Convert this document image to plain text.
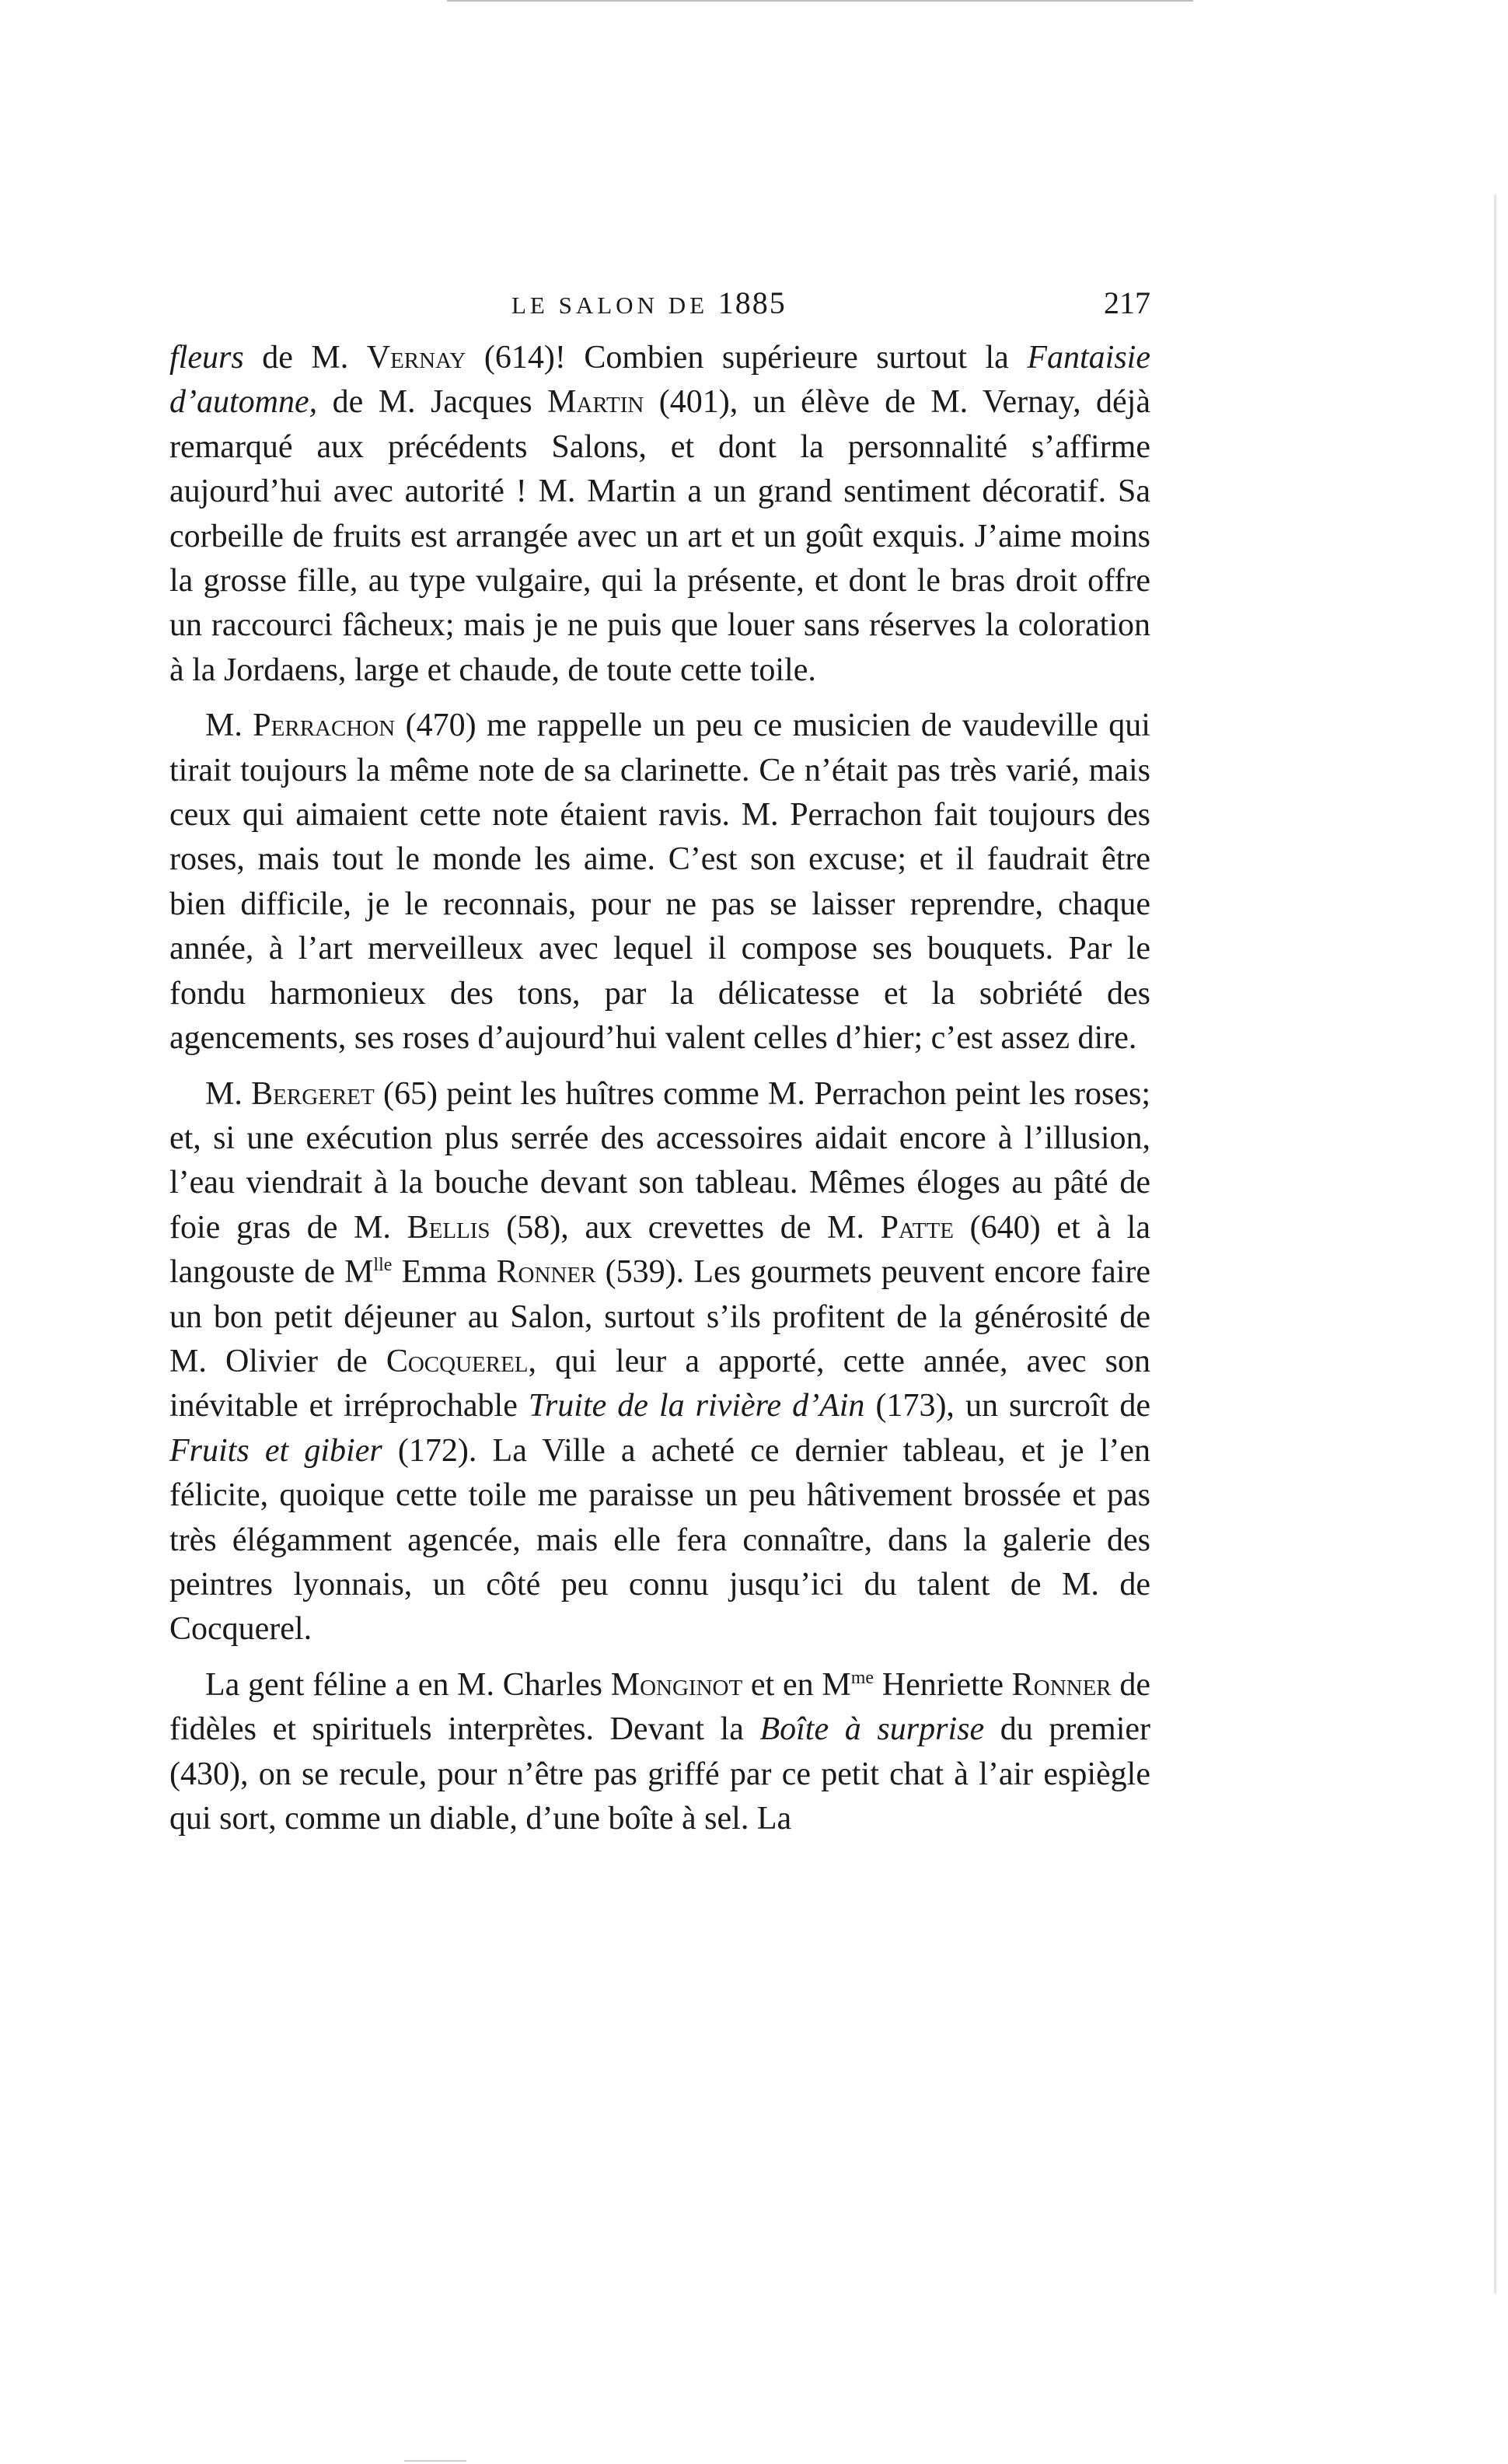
LE SALON DE 1885	217

fleurs de M. Vernay (614)! Combien supérieure surtout la Fantaisie d’automne, de M. Jacques Martin (401), un élève de M. Vernay, déjà remarqué aux précédents Salons, et dont la personnalité s’affirme aujourd’hui avec autorité ! M. Martin a un grand sentiment décoratif. Sa corbeille de fruits est arrangée avec un art et un goût exquis. J’aime moins la grosse fille, au type vulgaire, qui la présente, et dont le bras droit offre un raccourci fâcheux; mais je ne puis que louer sans réserves la coloration à la Jordaens, large et chaude, de toute cette toile.

M. Perrachon (470) me rappelle un peu ce musicien de vaudeville qui tirait toujours la même note de sa clarinette. Ce n’était pas très varié, mais ceux qui aimaient cette note étaient ravis. M. Perrachon fait toujours des roses, mais tout le monde les aime. C’est son excuse; et il faudrait être bien difficile, je le reconnais, pour ne pas se laisser reprendre, chaque année, à l’art merveilleux avec lequel il compose ses bouquets. Par le fondu harmonieux des tons, par la délicatesse et la sobriété des agencements, ses roses d’aujourd’hui valent celles d’hier; c’est assez dire.

M. Bergeret (65) peint les huîtres comme M. Perrachon peint les roses; et, si une exécution plus serrée des accessoires aidait encore à l’illusion, l’eau viendrait à la bouche devant son tableau. Mêmes éloges au pâté de foie gras de M. Bellis (58), aux crevettes de M. Patte (640) et à la langouste de $M^{lle}$ Emma Ronner (539). Les gourmets peuvent encore faire un bon petit déjeuner au Salon, surtout s’ils profitent de la générosité de M. Olivier de Cocquerel, qui leur a apporté, cette année, avec son inévitable et irréprochable Truite de la rivière d’Ain (173), un surcroît de Fruits et gibier (172). La Ville a acheté ce dernier tableau, et je l’en félicite, quoique cette toile me paraisse un peu hâtivement brossée et pas très élégamment agencée, mais elle fera connaître, dans la galerie des peintres lyonnais, un côté peu connu jusqu’ici du talent de M. de Cocquerel.

La gent féline a en M. Charles Monginot et en $M^{me}$ Henriette Ronner de fidèles et spirituels interprètes. Devant la Boîte à surprise du premier (430), on se recule, pour n’être pas griffé par ce petit chat à l’air espiègle qui sort, comme un diable, d’une boîte à sel. La
